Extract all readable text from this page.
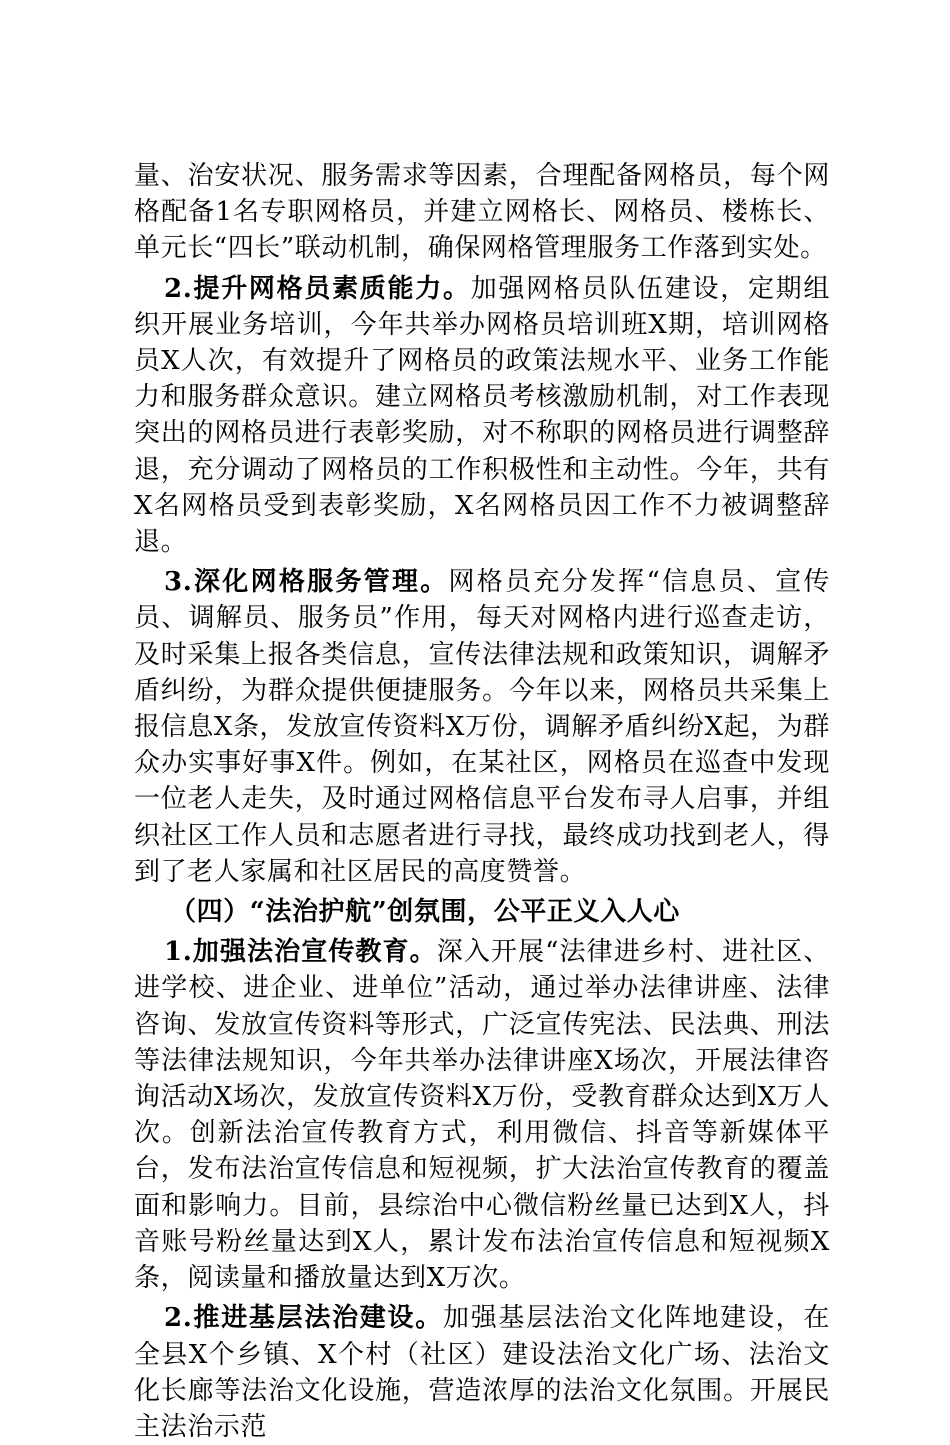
量、治安状况、服务需求等因素，合理配备网格员，每个网格配备1名专职网格员，并建立网格长、网格员、楼栋长、单元长“四长”联动机制，确保网格管理服务工作落到实处。

2.提升网格员素质能力。加强网格员队伍建设，定期组织开展业务培训，今年共举办网格员培训班X期，培训网格员X人次，有效提升了网格员的政策法规水平、业务工作能力和服务群众意识。建立网格员考核激励机制，对工作表现突出的网格员进行表彰奖励，对不称职的网格员进行调整辞退，充分调动了网格员的工作积极性和主动性。今年，共有X名网格员受到表彰奖励，X名网格员因工作不力被调整辞退。

3.深化网格服务管理。网格员充分发挥“信息员、宣传员、调解员、服务员”作用，每天对网格内进行巡查走访，及时采集上报各类信息，宣传法律法规和政策知识，调解矛盾纠纷，为群众提供便捷服务。今年以来，网格员共采集上报信息X条，发放宣传资料X万份，调解矛盾纠纷X起，为群众办实事好事X件。例如，在某社区，网格员在巡查中发现一位老人走失，及时通过网格信息平台发布寻人启事，并组织社区工作人员和志愿者进行寻找，最终成功找到老人，得到了老人家属和社区居民的高度赞誉。

（四）“法治护航”创氛围，公平正义入人心

1.加强法治宣传教育。深入开展“法律进乡村、进社区、进学校、进企业、进单位”活动，通过举办法律讲座、法律咨询、发放宣传资料等形式，广泛宣传宪法、民法典、刑法等法律法规知识，今年共举办法律讲座X场次，开展法律咨询活动X场次，发放宣传资料X万份，受教育群众达到X万人次。创新法治宣传教育方式，利用微信、抖音等新媒体平台，发布法治宣传信息和短视频，扩大法治宣传教育的覆盖面和影响力。目前，县综治中心微信粉丝量已达到X人，抖音账号粉丝量达到X人，累计发布法治宣传信息和短视频X条，阅读量和播放量达到X万次。

2.推进基层法治建设。加强基层法治文化阵地建设，在全县X个乡镇、X个村（社区）建设法治文化广场、法治文化长廊等法治文化设施，营造浓厚的法治文化氛围。开展民主法治示范
